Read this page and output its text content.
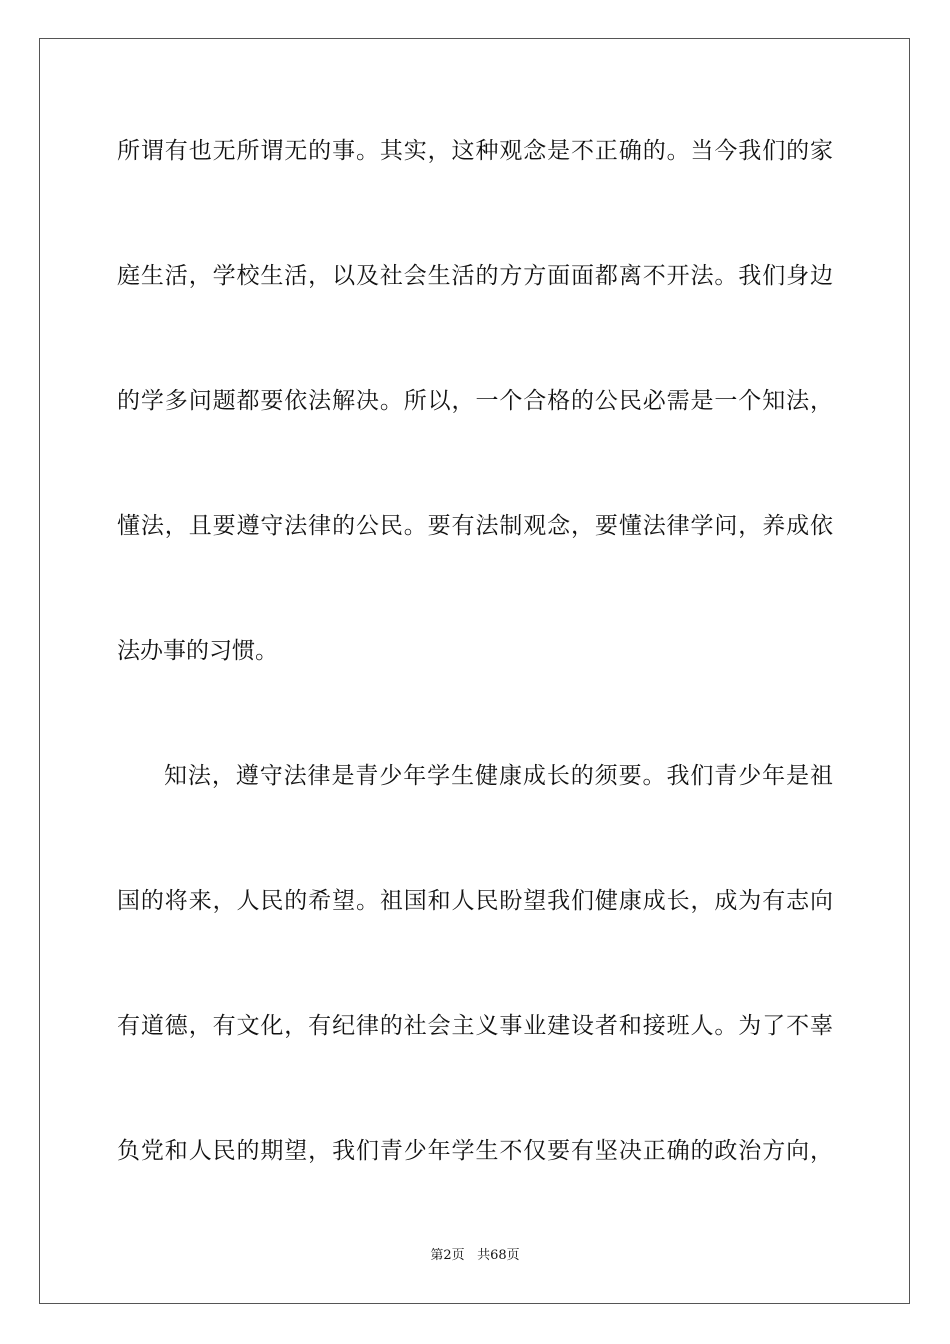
所谓有也无所谓无的事。其实，这种观念是不正确的。当今我们的家
庭生活，学校生活，以及社会生活的方方面面都离不开法。我们身边
的学多问题都要依法解决。所以，一个合格的公民必需是一个知法，
懂法，且要遵守法律的公民。要有法制观念，要懂法律学问，养成依
法办事的习惯。
知法，遵守法律是青少年学生健康成长的须要。我们青少年是祖
国的将来，人民的希望。祖国和人民盼望我们健康成长，成为有志向
有道德，有文化，有纪律的社会主义事业建设者和接班人。为了不辜
负党和人民的期望，我们青少年学生不仅要有坚决正确的政治方向，
第2页 共68页
